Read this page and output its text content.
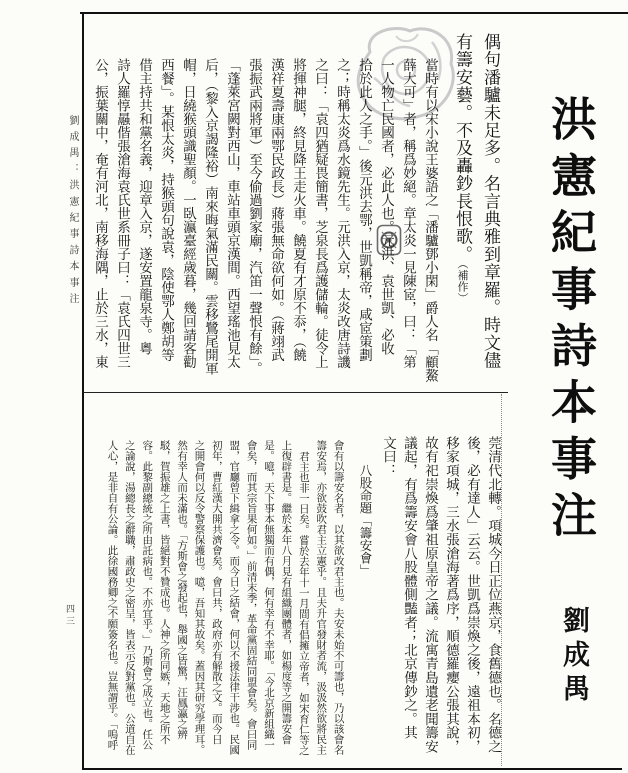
劉成禺：洪憲紀事詩本事注
四三
洪憲紀事詩本事注
劉成禺
偶句潘驢未足多。名言典雅到章羅。時文儘
有籌安藝。不及轟鈔長恨歌。（補作）
當時有以宋小說王婆語之「潘驢鄧小閑」爵人名「顧鰲
薛大可」者，稱爲妙絕。章太炎一見陳宧，曰：「第
一人物亡民國者，必此人也。元洪、袁世凱、必收
拾於此人之手。」後元洪去鄂，世凱稱帝，咸宧策劃
之；時稱太炎爲水鏡先生。元洪入京，太炎改唐詩譏
之曰：「袁四猶疑畏簡書，芝泉長爲護儲輪。徒令上
將揮神腿，終見降王走火車。饒夏有才原不忝，（饒
漢祥夏壽康兩鄂民政長）蔣張無命欲何如。（蔣翊武
張振武兩將軍）至今偷過劉家廟，汽笛一聲恨有餘」。
「蓬萊宮闕對西山，車站車頭京漢間。西望瑤池見太
后，（黎入京謁隆裕）南來晦氣滿民關。雲移鷺尾開軍
帽，日繞猴頭識聖顏。一臥瀛臺經歲暮，幾回請客勸
西餐」。某恨太炎，持猴頭句說袁，陰使鄂人鄭胡等
借主持共和黨名義，迎章入京，遂安置龍泉寺。粵
詩人羅惇曧偕張滄海袁氏世系冊子曰：「袁氏四世三
公，振葉關中，奄有河北，南移海隅，止於三水，東
莞清代北轉。項城今日正位燕京，食舊德也。名德之
後，必有達人」云云。世凱爲崇煥之後，遠祖本初，
移家項城，三水張滄海著爲序，順德羅癭公張其說，
故有祀崇煥爲肇祖原皇帝之議。流寓青島遺老聞籌安
議起，有爲籌安會八股體側豔者；北京傳鈔之。其
文曰：
八股命題「籌安會」
會有以籌安名者，以其欲改君主也。夫安未始不可籌也，乃以該會名
籌安焉，亦欲鼓吹君主立憲乎。且夫升官發財者流，汲汲然欲將民主
君主也非一日矣。嘗於去年十一月間有倡擁立帝者，如宋育仁等之
上復辟書是。繼於本年八月見有組織團體者，如楊度等之開籌安會
是。噫，天下事本無獨而有偶，何有幸有不幸耶。「今北京新組織一
會矣，而其宗旨果何如。」前清末季，革命黨固結同盟會矣。會曰同
盟，官廳曾下緝拿之令。而今日之結會，何以不援法律干涉也。民國
初年，曹紅漢大開共濟會矣。會曰共，政府亦有解散之文。而今日
之開會何以反令警察保護也。噫，吾知其故矣。蓋因其研究學理耳。
然有幸人而未滿也。「方斯會之發起也，舉國之皆驚，汪鳳瀛之辨
駁，賀振雄之上書，皆絕對不贊成也。人神之所同嫉，天地之所不
容。此黎副總統之所由託病也。不亦宜乎。」乃斯會之成立也。任公
之論說，湯總長之辭職，肅政史之密呈，皆表示反對黨也。公道自在
人心，是非自有公論。此徐國務卿之不願簽名也。豈無謂乎。「嗚呼
